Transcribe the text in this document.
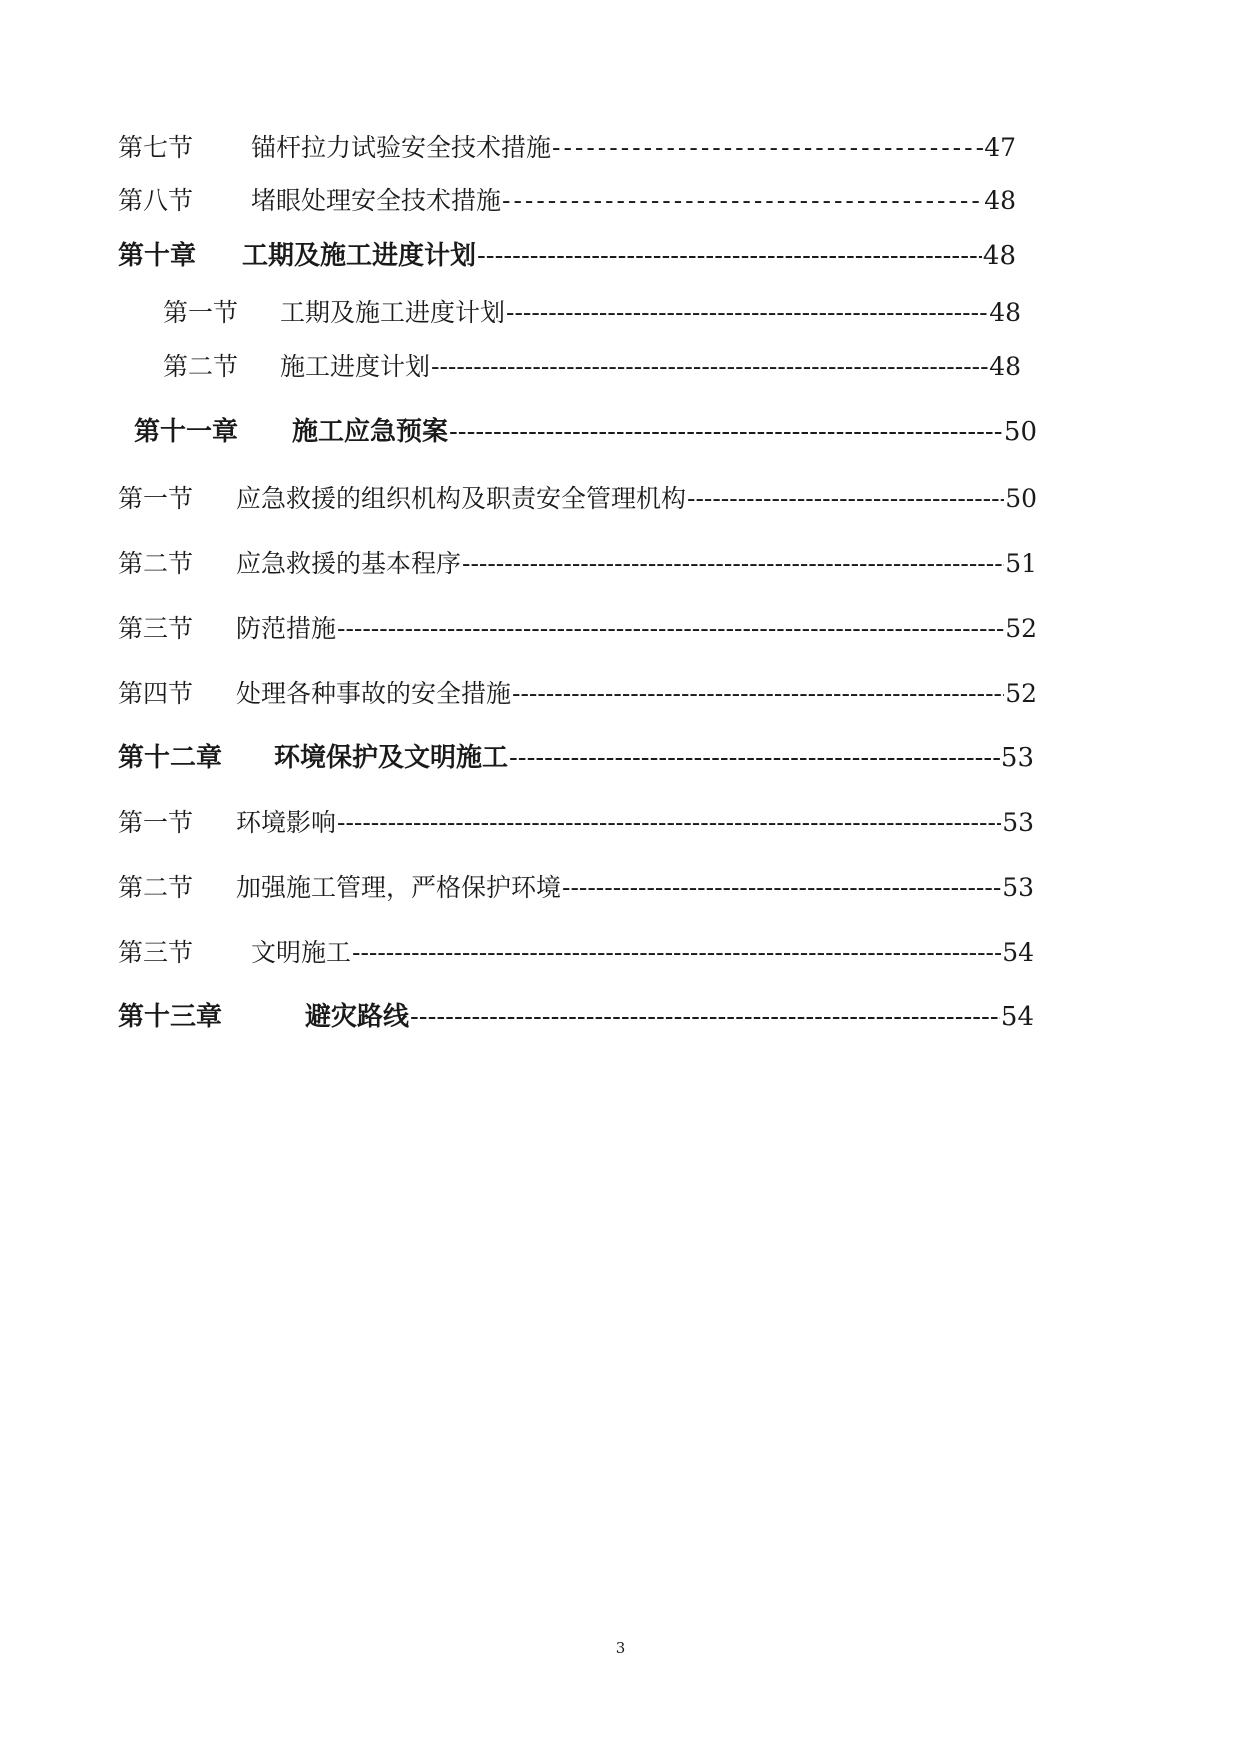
第七节	锚杆拉力试验安全技术措施 -----	47
第八节	堵眼处理安全技术措施 -----	48
第十章	工期及施工进度计划 -----	48
第一节	工期及施工进度计划 -----	48
第二节	施工进度计划 -----	48
第十一章	施工应急预案 -----	50
第一节	应急救援的组织机构及职责安全管理机构 -----	50
第二节	应急救援的基本程序 -----	51
第三节	防范措施 -----	52
第四节	处理各种事故的安全措施 -----	52
第十二章	环境保护及文明施工 -----	53
第一节	环境影响 -----	53
第二节	加强施工管理，严格保护环境 -----	53
第三节	文明施工 -----	54
第十三章	避灾路线 -----	54
3
